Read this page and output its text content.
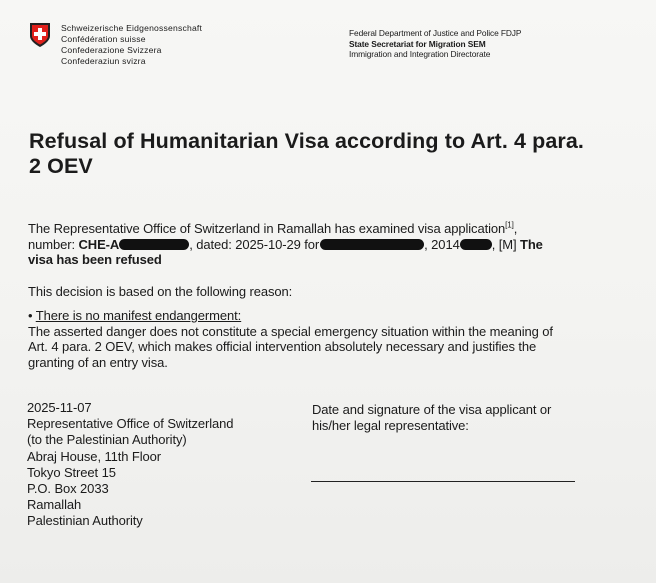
Schweizerische Eidgenossenschaft
Confédération suisse
Confederazione Svizzera
Confederaziun svizra
Federal Department of Justice and Police FDJP
State Secretariat for Migration SEM
Immigration and Integration Directorate
Refusal of Humanitarian Visa according to Art. 4 para. 2 OEV
The Representative Office of Switzerland in Ramallah has examined visa application[1],
number: CHE-A	, dated: 2025-10-29 for	, 2014 , [M] The
visa has been refused
This decision is based on the following reason:
• There is no manifest endangerment:
The asserted danger does not constitute a special emergency situation within the meaning of
Art. 4 para. 2 OEV, which makes official intervention absolutely necessary and justifies the
granting of an entry visa.
2025-11-07
Representative Office of Switzerland
(to the Palestinian Authority)
Abraj House, 11th Floor
Tokyo Street 15
P.O. Box 2033
Ramallah
Palestinian Authority
Date and signature of the visa applicant or
his/her legal representative:
